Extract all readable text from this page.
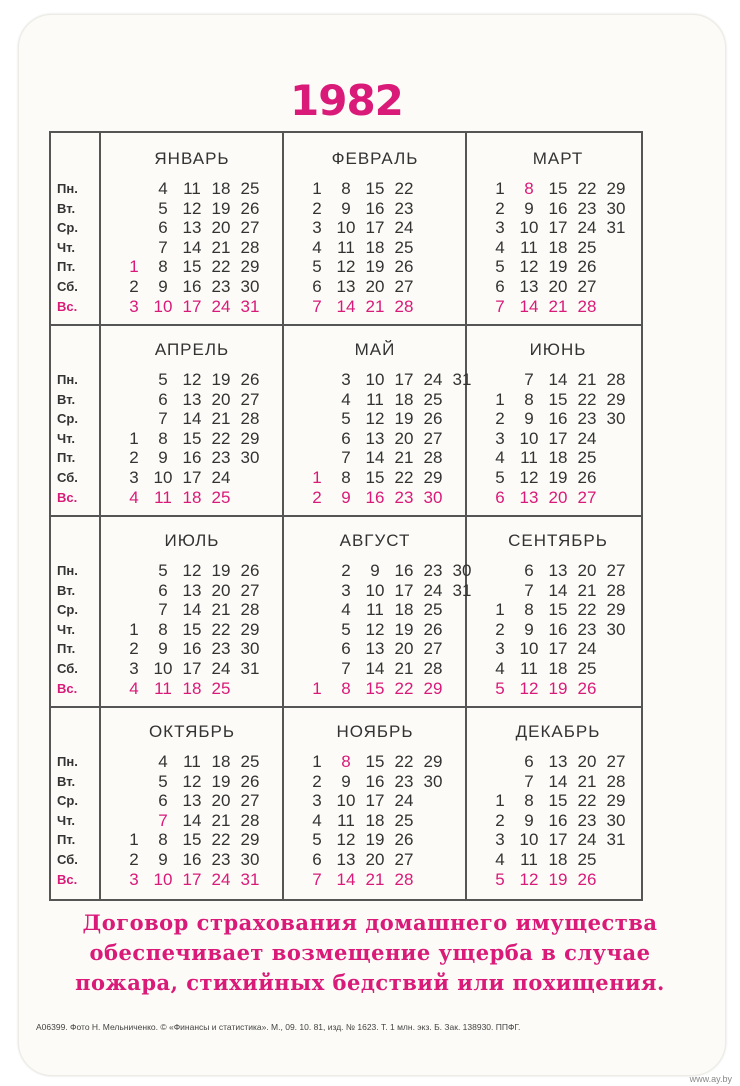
1982
Пн.
Вт.
Ср.
Чт.
Пт.
Сб.
Вс.
Пн.
Вт.
Ср.
Чт.
Пт.
Сб.
Вс.
Пн.
Вт.
Ср.
Чт.
Пт.
Сб.
Вс.
Пн.
Вт.
Ср.
Чт.
Пт.
Сб.
Вс.
ЯНВАРЬ
1
2
3
4
5
6
7
8
9
10
11
12
13
14
15
16
17
18
19
20
21
22
23
24
25
26
27
28
29
30
31
ФЕВРАЛЬ
1
2
3
4
5
6
7
8
9
10
11
12
13
14
15
16
17
18
19
20
21
22
23
24
25
26
27
28
МАРТ
1
2
3
4
5
6
7
8
9
10
11
12
13
14
15
16
17
18
19
20
21
22
23
24
25
26
27
28
29
30
31
АПРЕЛЬ
1
2
3
4
5
6
7
8
9
10
11
12
13
14
15
16
17
18
19
20
21
22
23
24
25
26
27
28
29
30
МАЙ
1
2
3
4
5
6
7
8
9
10
11
12
13
14
15
16
17
18
19
20
21
22
23
24
25
26
27
28
29
30
31
ИЮНЬ
1
2
3
4
5
6
7
8
9
10
11
12
13
14
15
16
17
18
19
20
21
22
23
24
25
26
27
28
29
30
ИЮЛЬ
1
2
3
4
5
6
7
8
9
10
11
12
13
14
15
16
17
18
19
20
21
22
23
24
25
26
27
28
29
30
31
АВГУСТ
1
2
3
4
5
6
7
8
9
10
11
12
13
14
15
16
17
18
19
20
21
22
23
24
25
26
27
28
29
30
31
СЕНТЯБРЬ
1
2
3
4
5
6
7
8
9
10
11
12
13
14
15
16
17
18
19
20
21
22
23
24
25
26
27
28
29
30
ОКТЯБРЬ
1
2
3
4
5
6
7
8
9
10
11
12
13
14
15
16
17
18
19
20
21
22
23
24
25
26
27
28
29
30
31
НОЯБРЬ
1
2
3
4
5
6
7
8
9
10
11
12
13
14
15
16
17
18
19
20
21
22
23
24
25
26
27
28
29
30
ДЕКАБРЬ
1
2
3
4
5
6
7
8
9
10
11
12
13
14
15
16
17
18
19
20
21
22
23
24
25
26
27
28
29
30
31
Договор страхования домашнего имущества
обеспечивает возмещение ущерба в случае
пожара, стихийных бедствий или похищения.
А06399. Фото Н. Мельниченко. © «Финансы и статистика». М., 09. 10. 81, изд. № 1623. Т. 1 млн. экз. Б. Зак. 138930. ППФГ.
www.ay.by
